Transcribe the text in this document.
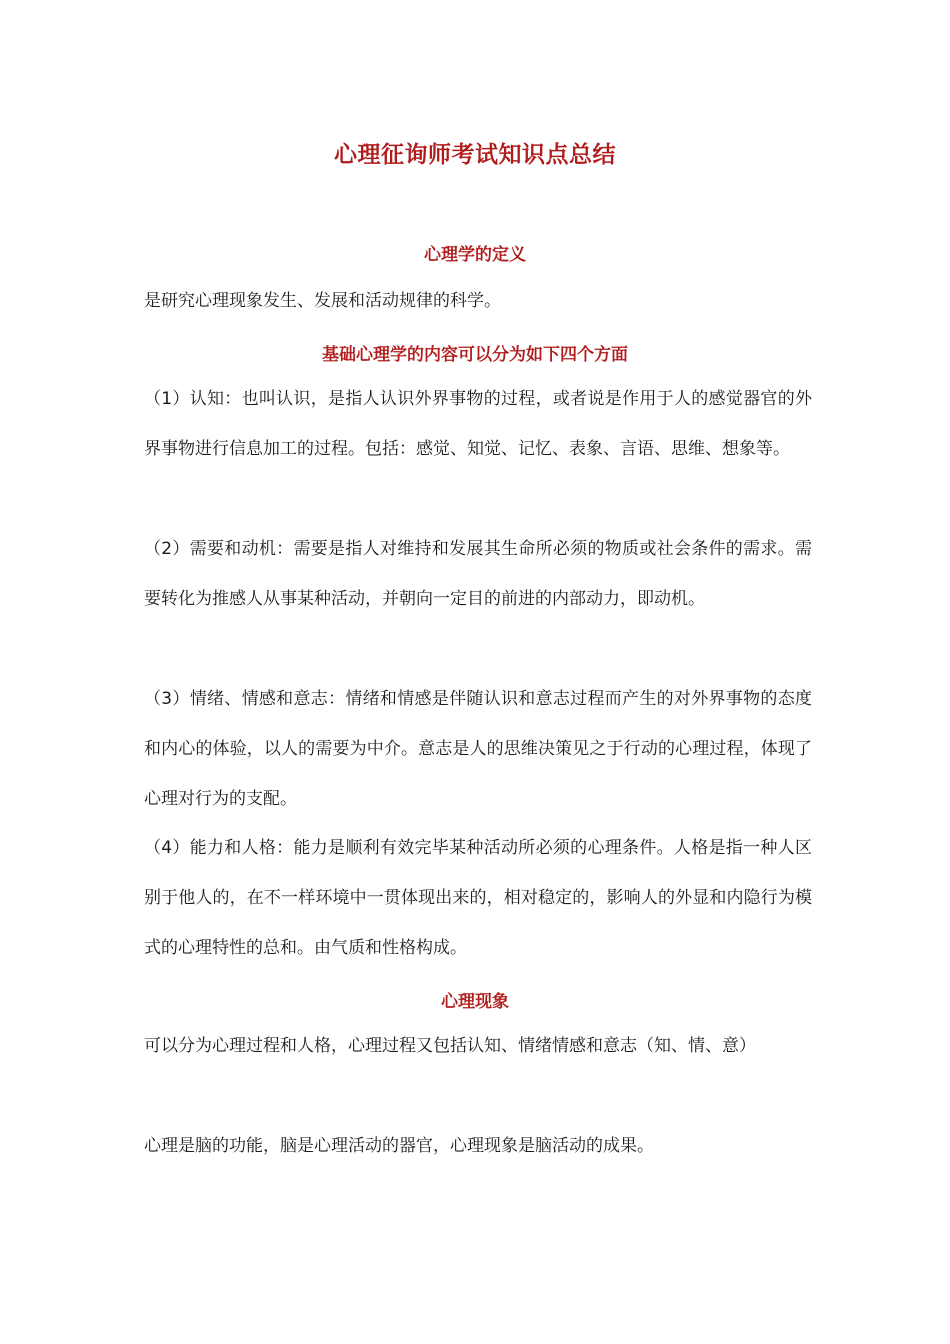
心理征询师考试知识点总结
心理学的定义
是研究心理现象发生、发展和活动规律的科学。
基础心理学的内容可以分为如下四个方面
（1）认知：也叫认识，是指人认识外界事物的过程，或者说是作用于人的感觉器官的外界事物进行信息加工的过程。包括：感觉、知觉、记忆、表象、言语、思维、想象等。
（2）需要和动机：需要是指人对维持和发展其生命所必须的物质或社会条件的需求。需要转化为推感人从事某种活动，并朝向一定目的前进的内部动力，即动机。
（3）情绪、情感和意志：情绪和情感是伴随认识和意志过程而产生的对外界事物的态度和内心的体验，以人的需要为中介。意志是人的思维决策见之于行动的心理过程，体现了心理对行为的支配。
（4）能力和人格：能力是顺利有效完毕某种活动所必须的心理条件。人格是指一种人区别于他人的，在不一样环境中一贯体现出来的，相对稳定的，影响人的外显和内隐行为模式的心理特性的总和。由气质和性格构成。
心理现象
可以分为心理过程和人格，心理过程又包括认知、情绪情感和意志（知、情、意）
心理是脑的功能，脑是心理活动的器官，心理现象是脑活动的成果。
